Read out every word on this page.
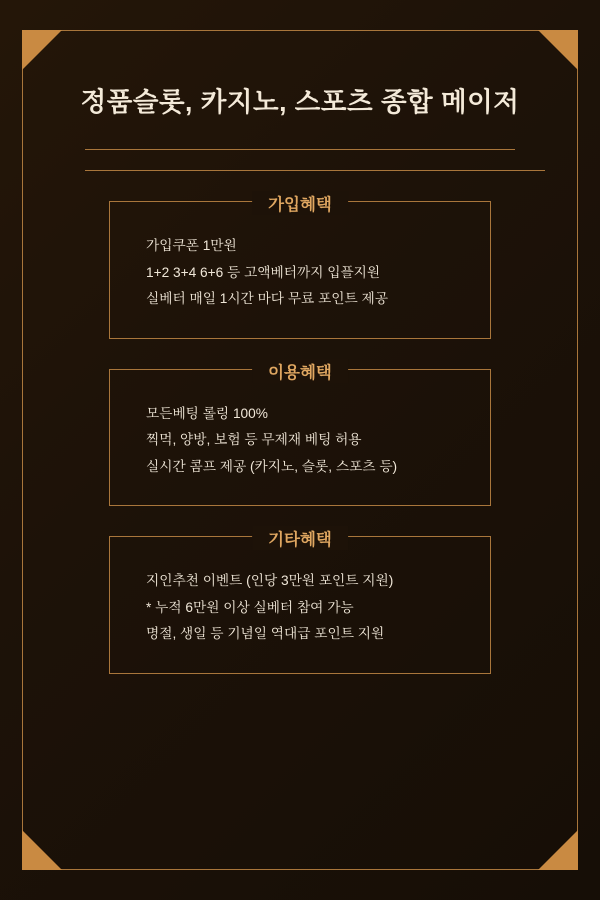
정품슬롯, 카지노, 스포츠 종합 메이저
가입혜택

가입쿠폰 1만원

1+2 3+4 6+6 등 고액베터까지 입플지원

실베터 매일 1시간 마다 무료 포인트 제공

이용혜택

모든베팅 롤링 100%

찍먹, 양방, 보험 등 무제재 베팅 허용

실시간 콤프 제공 (카지노, 슬롯, 스포츠 등)

기타혜택

지인추천 이벤트 (인당 3만원 포인트 지원)

* 누적 6만원 이상 실베터 참여 가능

명절, 생일 등 기념일 역대급 포인트 지원
